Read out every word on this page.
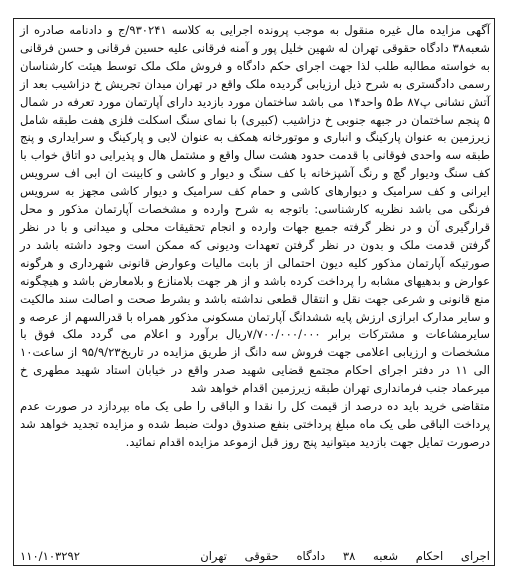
آگهی مزایده مال غیره منقول به موجب پرونده اجرایی به کلاسه ۹۳۰۲۴۱/ج و دادنامه صادره از شعبه۳۸ دادگاه حقوقی تهران له شهین خلیل پور و آمنه فرقانی علیه حسین فرقانی و حسن فرقانی به خواسته مطالبه طلب لذا جهت اجرای حکم دادگاه و فروش ملک ملک توسط هیئت کارشناسان رسمی دادگستری به شرح ذیل ارزیابی گردیده ملک واقع در تهران میدان تجریش خ دزاشیب بعد از آتش نشانی پ۸۷ ط۵ واحد۱۴ می باشد ساختمان مورد بازدید دارای آپارتمان مورد تعرفه در شمال ۵ پنجم ساختمان در جبهه جنوبی خ دزاشیب (کبیری) با نمای سنگ اسکلت فلزی هفت طبقه شامل زیرزمین به عنوان پارکینگ و انباری و موتورخانه همکف به عنوان لابی و پارکینگ و سرایداری و پنج طبقه سه واحدی فوقانی با قدمت حدود هشت سال واقع و مشتمل هال و پذیرایی دو اتاق خواب با کف سنگ ودیوار گچ و رنگ آشپزخانه با کف سنگ و دیوار و کاشی و کابینت ان ابی اف سرویس ایرانی و کف سرامیک و دیوارهای کاشی و حمام کف سرامیک و دیوار کاشی مجهز به سرویس فرنگی می باشد نظریه کارشناسی: باتوجه به شرح وارده و مشخصات آپارتمان مذکور و محل قرارگیری آن و در نظر گرفته جمیع جهات وارده و انجام تحقیقات محلی و میدانی و با در نظر گرفتن قدمت ملک و بدون در نظر گرفتن تعهدات ودیونی که ممکن است وجود داشته باشد در صورتیکه آپارتمان مذکور کلیه دیون احتمالی از بابت مالیات وعوارض قانونی شهرداری و هرگونه عوارض و بدهیهای مشابه را پرداخت کرده باشد و از هر جهت بلامنازع و بلامعارض باشد و هیچگونه منع قانونی و شرعی جهت نقل و انتقال قطعی نداشته باشد و بشرط صحت و اصالت سند مالکیت و سایر مدارک ابرازی ارزش پایه ششدانگ آپارتمان مسکونی مذکور همراه با قدرالسهم از عرصه و سایرمشاعات و مشترکات برابر ۷/۷۰۰/۰۰۰/۰۰۰ریال برآورد و اعلام می گردد ملک فوق با مشخصات و ارزیابی اعلامی جهت فروش سه دانگ از طریق مزایده در تاریخ۹۵/۹/۲۳ از ساعت۱۰ الی ۱۱ در دفتر اجرای احکام مجتمع قضایی شهید صدر واقع در خیابان استاد شهید مطهری خ میرعماد جنب فرمانداری تهران طبقه زیرزمین اقدام خواهد شد

متقاضی خرید باید ده درصد از قیمت کل را نقدا و الباقی را طی یک ماه بپردازد در صورت عدم پرداخت الباقی طی یک ماه مبلغ پرداختی بنفع صندوق دولت ضبط شده و مزایده تجدید خواهد شد درصورت تمایل جهت بازدید میتوانید پنج روز قبل ازموعد مزایده اقدام نمائید.

اجرای احکام شعبه ۳۸ دادگاه حقوقی تهران
۱۱۰/۱۰۳۲۹۲
